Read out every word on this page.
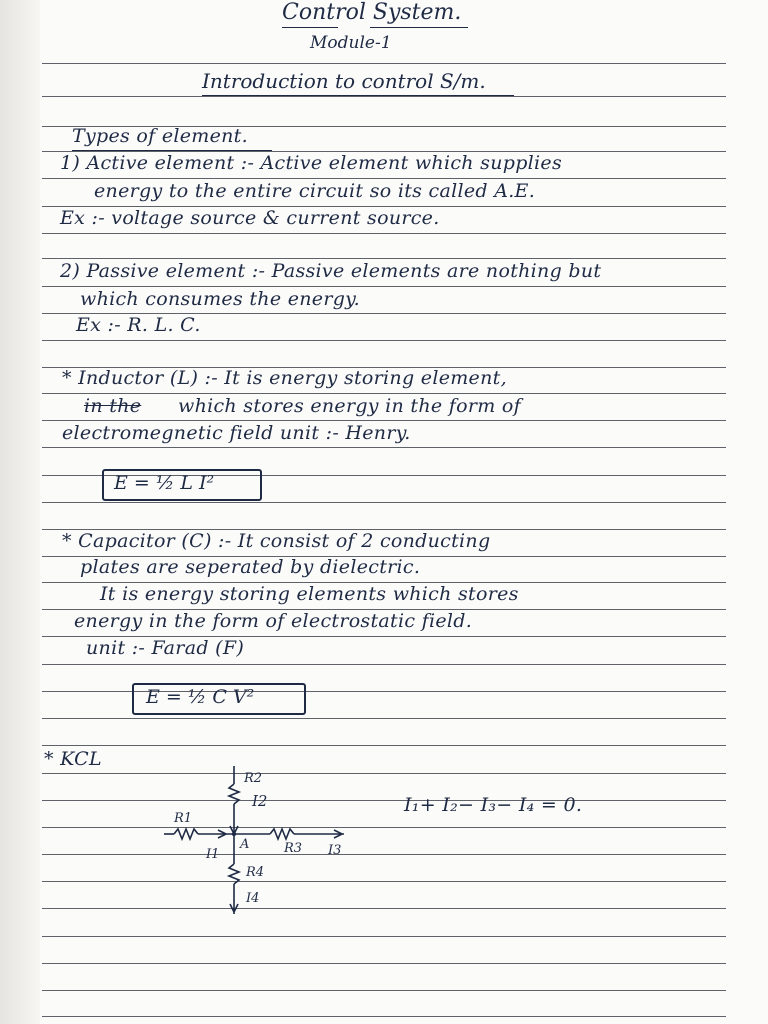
Control System.
Module-1
Introduction to control S/m.
Types of element.
1) Active element :- Active element which supplies
energy to the entire circuit so its called A.E.
Ex :- voltage source & current source.
2) Passive element :- Passive elements are nothing but
which consumes the energy.
Ex :- R. L. C.
* Inductor (L) :- It is energy storing element,
in the which stores energy in the form of
electromegnetic field unit :- Henry.
E = ½ L I²
* Capacitor (C) :- It consist of 2 conducting
plates are seperated by dielectric.
It is energy storing elements which stores
energy in the form of electrostatic field.
unit :- Farad (F)
E = ½ C V²
* KCL
I₁+ I₂− I₃− I₄ = 0.
R2
I2
R1
I1
A	R3 I3
R4
I4
